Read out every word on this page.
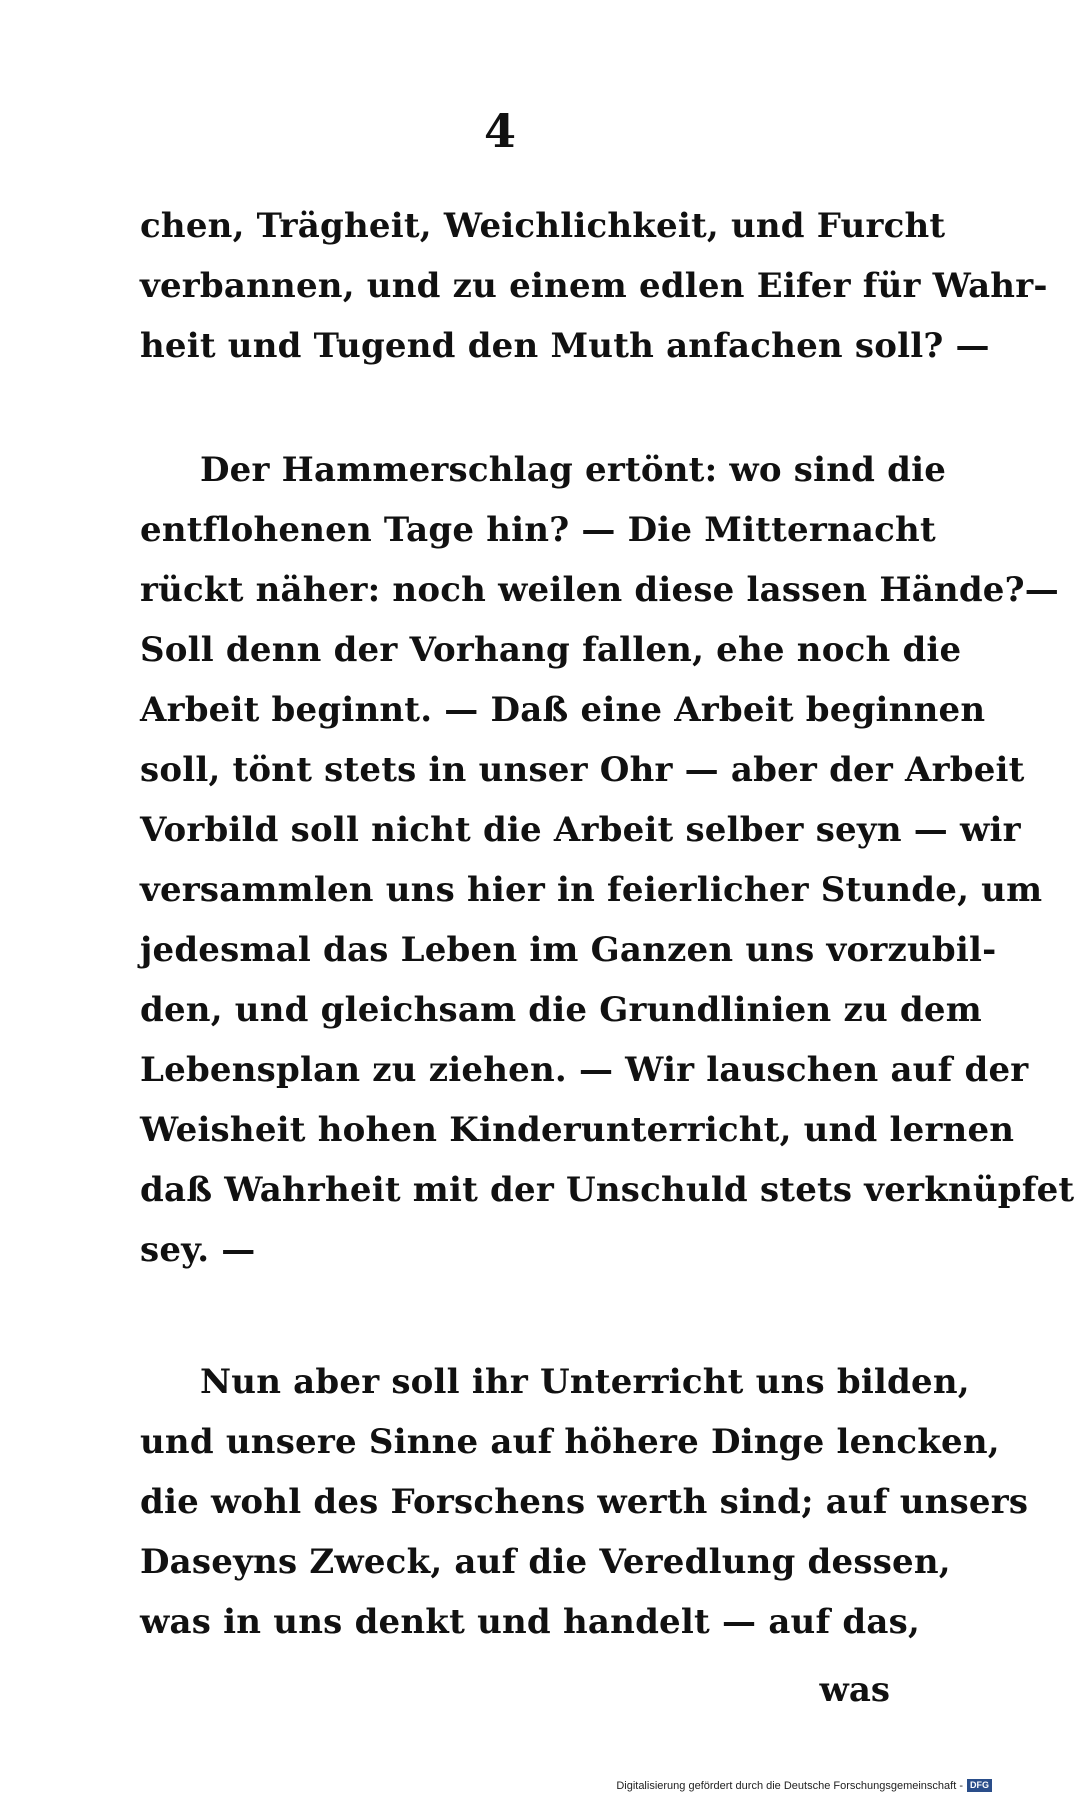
4
chen, Trägheit, Weichlichkeit, und Furcht
verbannen, und zu einem edlen Eifer für Wahr-
heit und Tugend den Muth anfachen soll? —
Der Hammerschlag ertönt: wo sind die
entflohenen Tage hin? — Die Mitternacht
rückt näher: noch weilen diese lassen Hände?—
Soll denn der Vorhang fallen, ehe noch die
Arbeit beginnt. — Daß eine Arbeit beginnen
soll, tönt stets in unser Ohr — aber der Arbeit
Vorbild soll nicht die Arbeit selber seyn — wir
versammlen uns hier in feierlicher Stunde, um
jedesmal das Leben im Ganzen uns vorzubil-
den, und gleichsam die Grundlinien zu dem
Lebensplan zu ziehen. — Wir lauschen auf der
Weisheit hohen Kinderunterricht, und lernen
daß Wahrheit mit der Unschuld stets verknüpfet
sey. —
Nun aber soll ihr Unterricht uns bilden,
und unsere Sinne auf höhere Dinge lencken,
die wohl des Forschens werth sind; auf unsers
Daseyns Zweck, auf die Veredlung dessen,
was in uns denkt und handelt — auf das,
was
Digitalisierung gefördert durch die Deutsche Forschungsgemeinschaft - DFG
